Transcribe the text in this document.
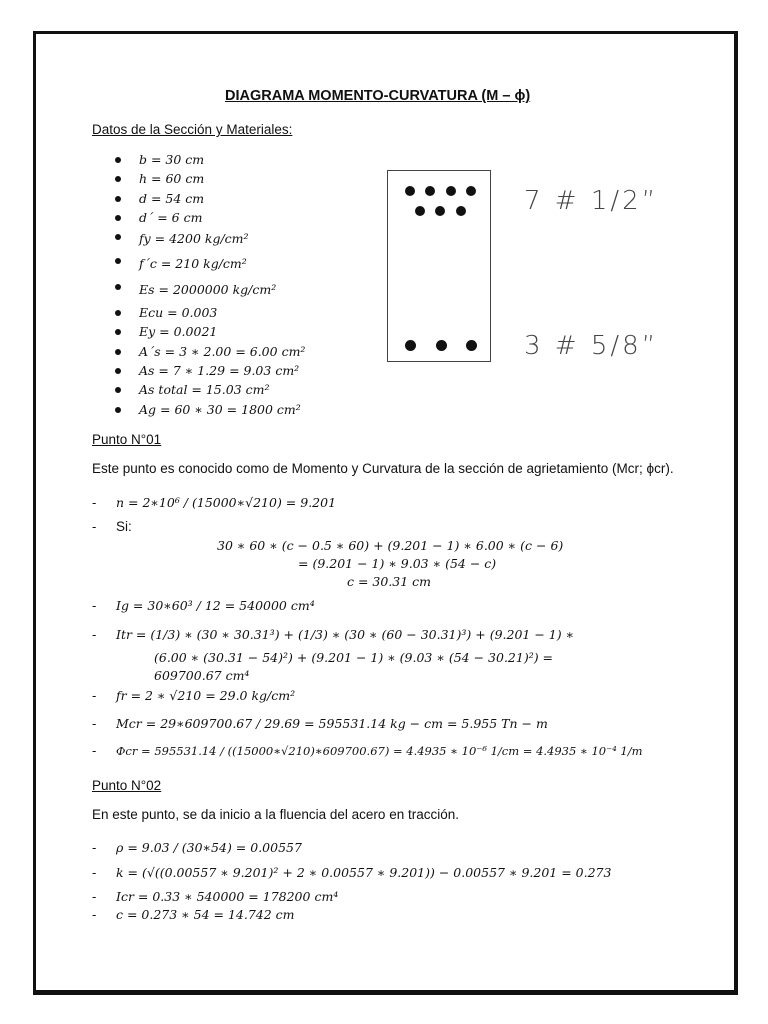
DIAGRAMA MOMENTO-CURVATURA (M – ϕ)
Datos de la Sección y Materiales:
b = 30 cm
h = 60 cm
d = 54 cm
d´ = 6 cm
fy = 4200 kg/cm²
f´c = 210 kg/cm²
Es = 2000000 kg/cm²
Ecu = 0.003
Ey = 0.0021
A´s = 3 ∗ 2.00 = 6.00 cm²
As = 7 ∗ 1.29 = 9.03 cm²
As total = 15.03 cm²
Ag = 60 ∗ 30 = 1800 cm²
7 # 1/2”
3 # 5/8”
Punto N°01
Este punto es conocido como de Momento y Curvatura de la sección de agrietamiento (Mcr; ϕcr).
- n = 2∗10⁶ / (15000∗√210) = 9.201
- Si:
30 ∗ 60 ∗ (c − 0.5 ∗ 60) + (9.201 − 1) ∗ 6.00 ∗ (c − 6)
= (9.201 − 1) ∗ 9.03 ∗ (54 − c)
c = 30.31 cm
- Ig = 30∗60³ / 12 = 540000 cm⁴
- Itr = (1/3) ∗ (30 ∗ 30.31³) + (1/3) ∗ (30 ∗ (60 − 30.31)³) + (9.201 − 1) ∗
(6.00 ∗ (30.31 − 54)²) + (9.201 − 1) ∗ (9.03 ∗ (54 − 30.21)²) =
609700.67 cm⁴
- fr = 2 ∗ √210 = 29.0 kg/cm²
- Mcr = 29∗609700.67 / 29.69 = 595531.14 kg − cm = 5.955 Tn − m
- Φcr = 595531.14 / ((15000∗√210)∗609700.67) = 4.4935 ∗ 10⁻⁶ 1/cm = 4.4935 ∗ 10⁻⁴ 1/m
Punto N°02
En este punto, se da inicio a la fluencia del acero en tracción.
- ρ = 9.03 / (30∗54) = 0.00557
- k = (√((0.00557 ∗ 9.201)² + 2 ∗ 0.00557 ∗ 9.201)) − 0.00557 ∗ 9.201 = 0.273
- Icr = 0.33 ∗ 540000 = 178200 cm⁴
- c = 0.273 ∗ 54 = 14.742 cm
